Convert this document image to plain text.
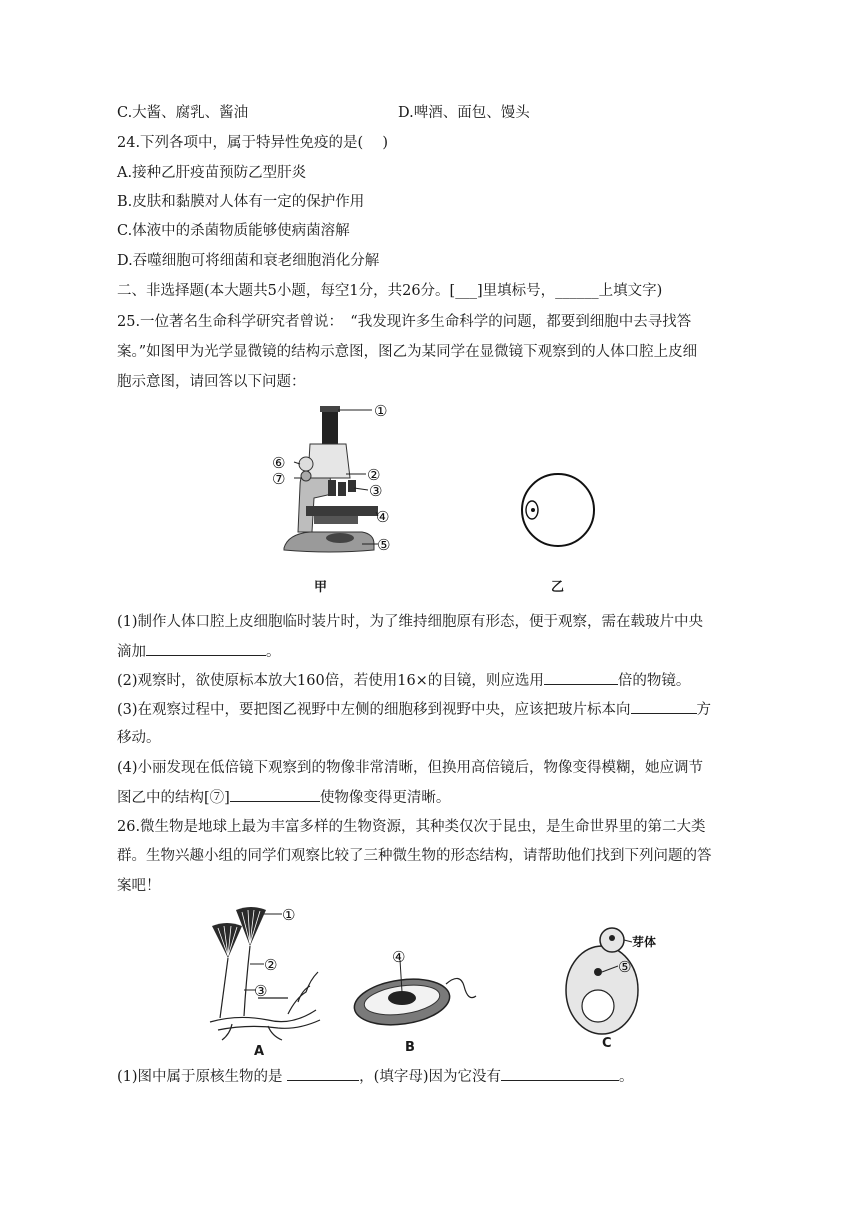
C.大酱、腐乳、酱油	D.啤酒、面包、馒头
24.下列各项中，属于特异性免疫的是(　 )
A.接种乙肝疫苗预防乙型肝炎
B.皮肤和黏膜对人体有一定的保护作用
C.体液中的杀菌物质能够使病菌溶解
D.吞噬细胞可将细菌和衰老细胞消化分解
二、非选择题(本大题共5小题，每空1分，共26分。[___]里填标号，______上填文字)
25.一位著名生命科学研究者曾说：　“我发现许多生命科学的问题，都要到细胞中去寻找答
案。”如图甲为光学显微镜的结构示意图，图乙为某同学在显微镜下观察到的人体口腔上皮细
胞示意图，请回答以下问题：
①
②
③
④
⑤
⑥
⑦
甲	乙
(1)制作人体口腔上皮细胞临时装片时，为了维持细胞原有形态，便于观察，需在载玻片中央
滴加	。
(2)观察时，欲使原标本放大160倍，若使用16×的目镜，则应选用	倍的物镜。
(3)在观察过程中，要把图乙视野中左侧的细胞移到视野中央，应该把玻片标本向	方
移动。
(4)小丽发现在低倍镜下观察到的物像非常清晰，但换用高倍镜后，物像变得模糊，她应调节
图乙中的结构[⑦]	使物像变得更清晰。
26.微生物是地球上最为丰富多样的生物资源，其种类仅次于昆虫，是生命世界里的第二大类
群。生物兴趣小组的同学们观察比较了三种微生物的形态结构，请帮助他们找到下列问题的答
案吧！
①
②
③
A
④
B
芽体
⑤
C
(1)图中属于原核生物的是	，(填字母)因为它没有	。
